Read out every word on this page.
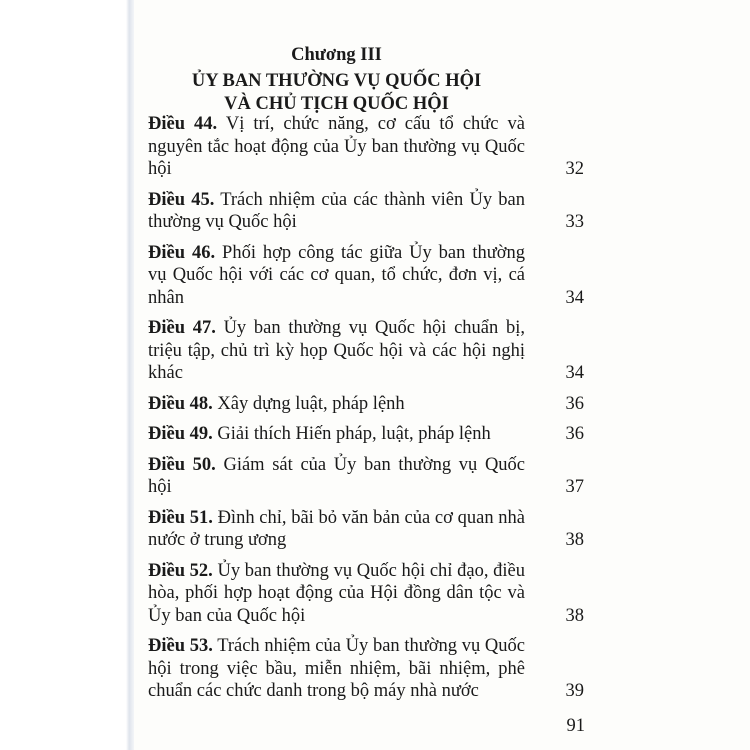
Chương III
ỦY BAN THƯỜNG VỤ QUỐC HỘI
VÀ CHỦ TỊCH QUỐC HỘI
Điều 44. Vị trí, chức năng, cơ cấu tổ chức và nguyên tắc hoạt động của Ủy ban thường vụ Quốc hội	32
Điều 45. Trách nhiệm của các thành viên Ủy ban thường vụ Quốc hội	33
Điều 46. Phối hợp công tác giữa Ủy ban thường vụ Quốc hội với các cơ quan, tổ chức, đơn vị, cá nhân	34
Điều 47. Ủy ban thường vụ Quốc hội chuẩn bị, triệu tập, chủ trì kỳ họp Quốc hội và các hội nghị khác	34
Điều 48. Xây dựng luật, pháp lệnh	36
Điều 49. Giải thích Hiến pháp, luật, pháp lệnh	36
Điều 50. Giám sát của Ủy ban thường vụ Quốc hội	37
Điều 51. Đình chỉ, bãi bỏ văn bản của cơ quan nhà nước ở trung ương	38
Điều 52. Ủy ban thường vụ Quốc hội chỉ đạo, điều hòa, phối hợp hoạt động của Hội đồng dân tộc và Ủy ban của Quốc hội	38
Điều 53. Trách nhiệm của Ủy ban thường vụ Quốc hội trong việc bầu, miễn nhiệm, bãi nhiệm, phê chuẩn các chức danh trong bộ máy nhà nước	39
91
